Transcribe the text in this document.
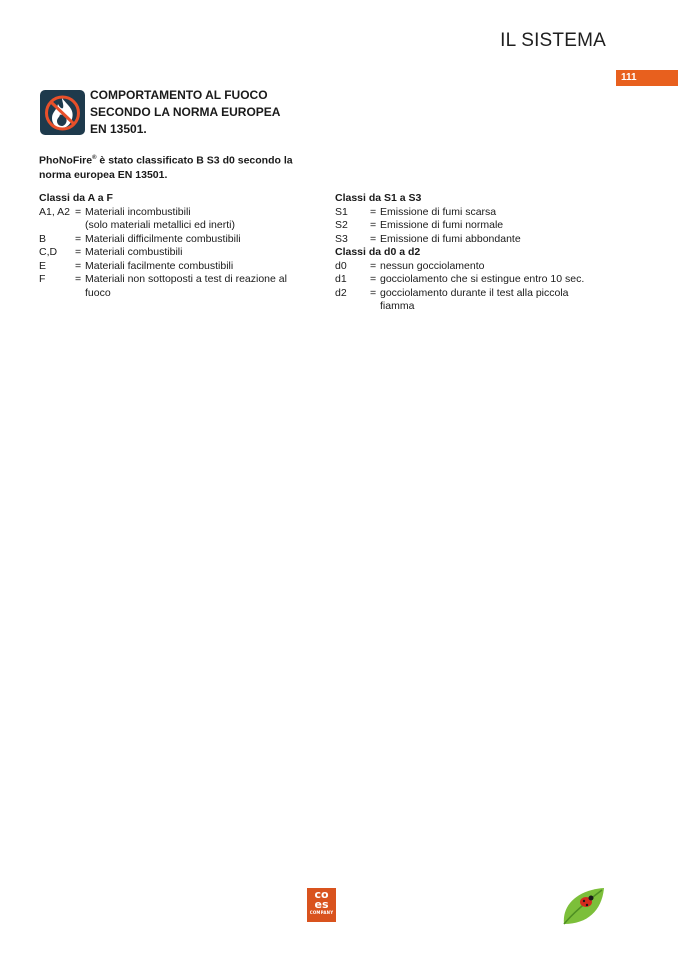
IL SISTEMA
111
COMPORTAMENTO AL FUOCO
SECONDO LA NORMA EUROPEA
EN 13501.

PhoNoFire® è stato classificato B S3 d0 secondo la
norma europea EN 13501.

Classi da A a F
A1, A2 = Materiali incombustibili
(solo materiali metallici ed inerti)
B	= Materiali difficilmente combustibili
C,D	= Materiali combustibili
E	= Materiali facilmente combustibili
F	= Materiali non sottoposti a test di reazione al
fuoco
Classi da S1 a S3
S1	= Emissione di fumi scarsa
S2	= Emissione di fumi normale
S3	= Emissione di fumi abbondante
Classi da d0 a d2
d0	= nessun gocciolamento
d1	= gocciolamento che si estingue entro 10 sec.
d2	= gocciolamento durante il test alla piccola
fiamma
co
es
COMPANY
